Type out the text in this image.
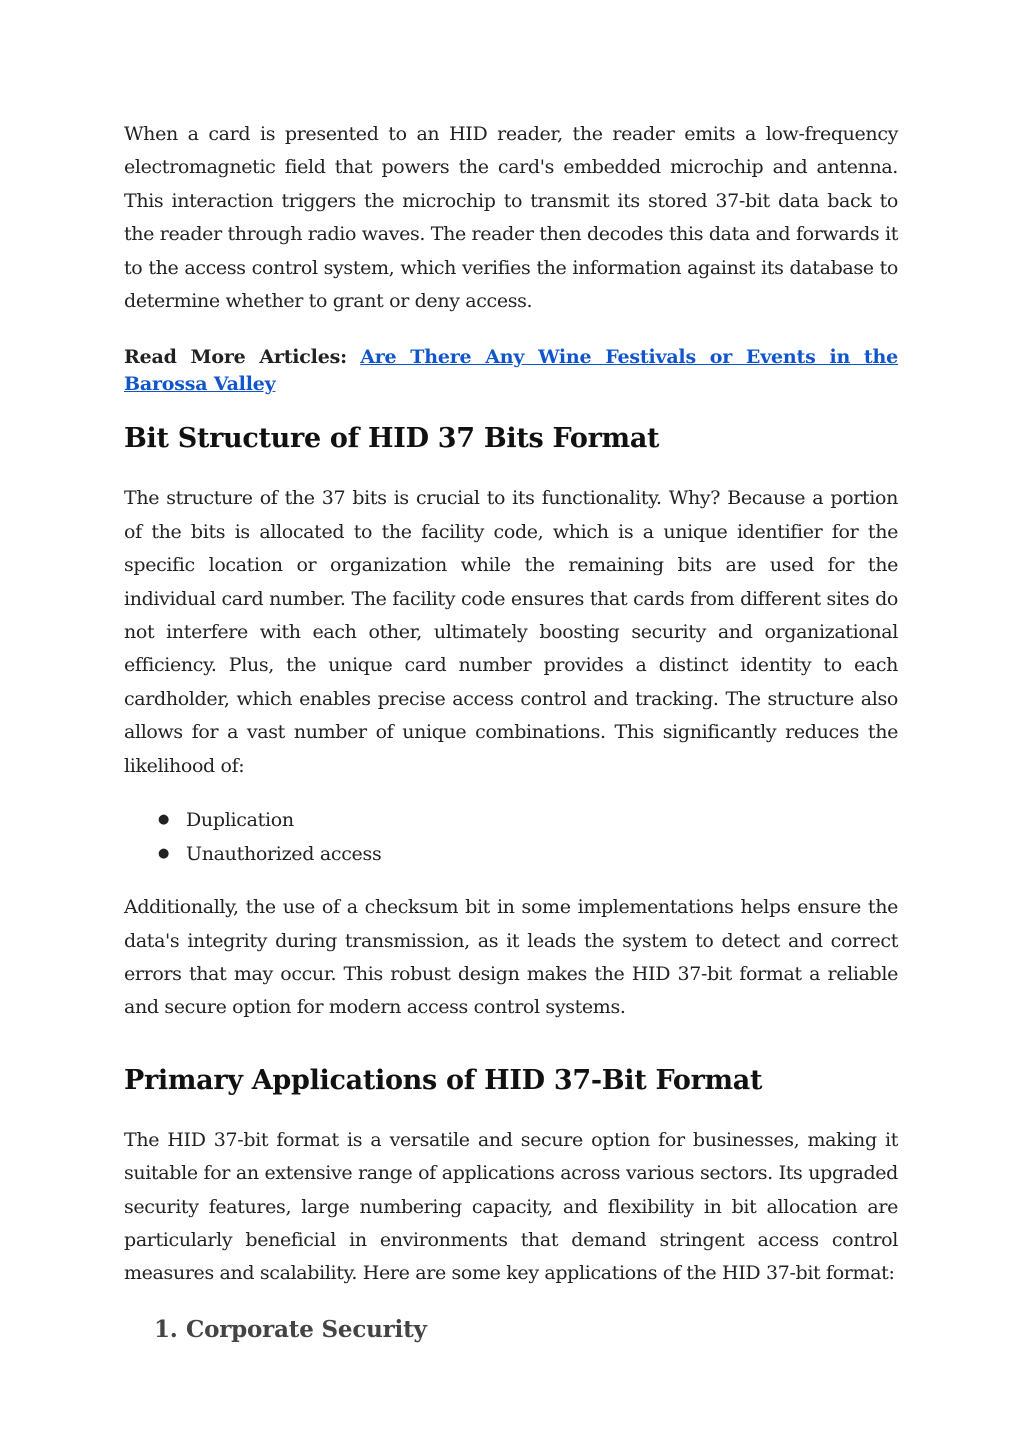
When a card is presented to an HID reader, the reader emits a low-frequency electromagnetic field that powers the card's embedded microchip and antenna. This interaction triggers the microchip to transmit its stored 37-bit data back to the reader through radio waves. The reader then decodes this data and forwards it to the access control system, which verifies the information against its database to determine whether to grant or deny access.

Read More Articles: Are There Any Wine Festivals or Events in the Barossa Valley

Bit Structure of HID 37 Bits Format

The structure of the 37 bits is crucial to its functionality. Why? Because a portion of the bits is allocated to the facility code, which is a unique identifier for the specific location or organization while the remaining bits are used for the individual card number. The facility code ensures that cards from different sites do not interfere with each other, ultimately boosting security and organizational efficiency. Plus, the unique card number provides a distinct identity to each cardholder, which enables precise access control and tracking. The structure also allows for a vast number of unique combinations. This significantly reduces the likelihood of:

● Duplication
● Unauthorized access

Additionally, the use of a checksum bit in some implementations helps ensure the data's integrity during transmission, as it leads the system to detect and correct errors that may occur. This robust design makes the HID 37-bit format a reliable and secure option for modern access control systems.

Primary Applications of HID 37-Bit Format

The HID 37-bit format is a versatile and secure option for businesses, making it suitable for an extensive range of applications across various sectors. Its upgraded security features, large numbering capacity, and flexibility in bit allocation are particularly beneficial in environments that demand stringent access control measures and scalability. Here are some key applications of the HID 37-bit format:

1. Corporate Security
